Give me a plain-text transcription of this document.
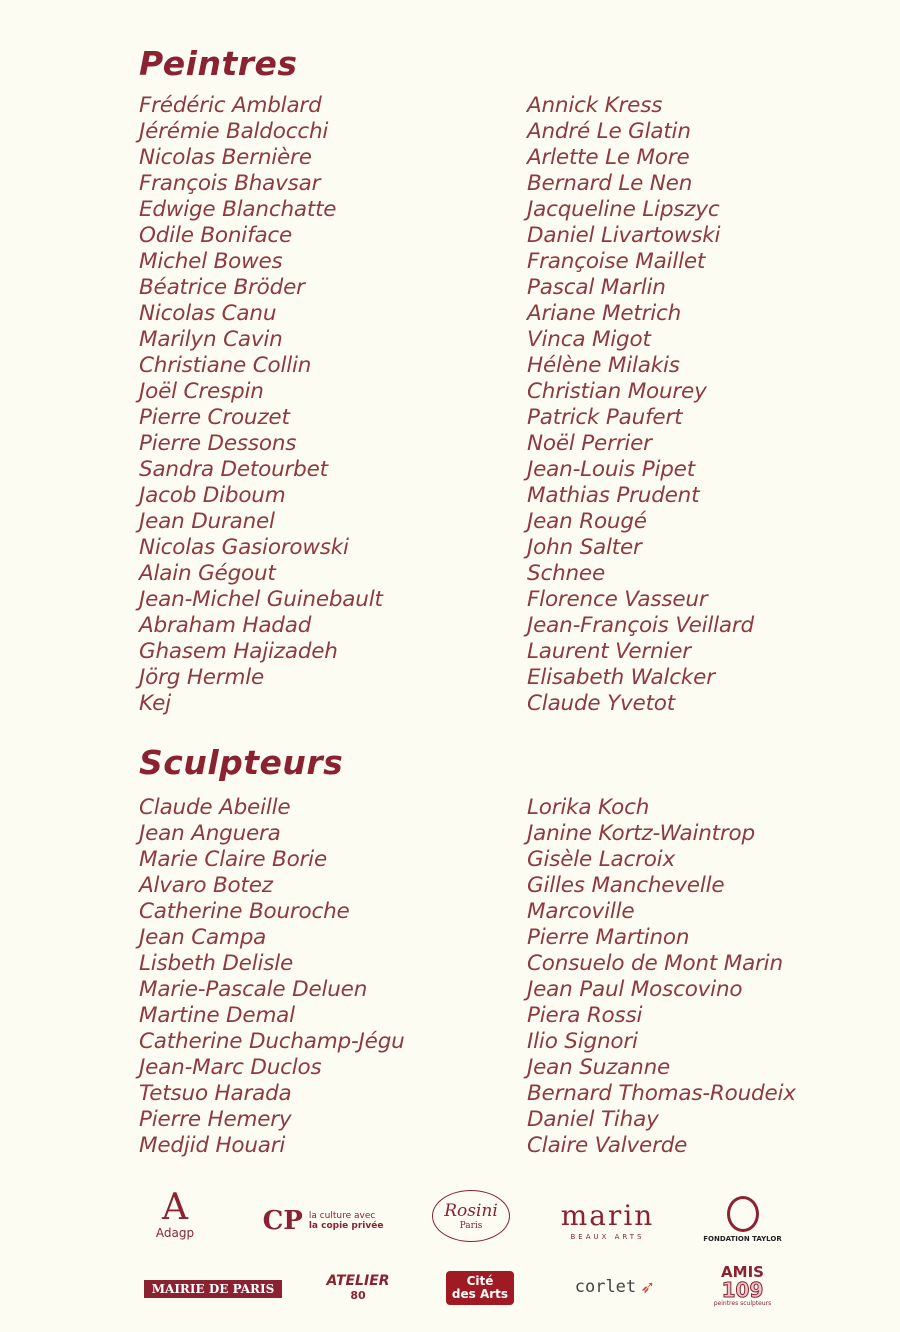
Peintres
Frédéric Amblard
Jérémie Baldocchi
Nicolas Bernière
François Bhavsar
Edwige Blanchatte
Odile Boniface
Michel Bowes
Béatrice Bröder
Nicolas Canu
Marilyn Cavin
Christiane Collin
Joël Crespin
Pierre Crouzet
Pierre Dessons
Sandra Detourbet
Jacob Diboum
Jean Duranel
Nicolas Gasiorowski
Alain Gégout
Jean-Michel Guinebault
Abraham Hadad
Ghasem Hajizadeh
Jörg Hermle
Kej
Annick Kress
André Le Glatin
Arlette Le More
Bernard Le Nen
Jacqueline Lipszyc
Daniel Livartowski
Françoise Maillet
Pascal Marlin
Ariane Metrich
Vinca Migot
Hélène Milakis
Christian Mourey
Patrick Paufert
Noël Perrier
Jean-Louis Pipet
Mathias Prudent
Jean Rougé
John Salter
Schnee
Florence Vasseur
Jean-François Veillard
Laurent Vernier
Elisabeth Walcker
Claude Yvetot
Sculpteurs
Claude Abeille
Jean Anguera
Marie Claire Borie
Alvaro Botez
Catherine Bouroche
Jean Campa
Lisbeth Delisle
Marie-Pascale Deluen
Martine Demal
Catherine Duchamp-Jégu
Jean-Marc Duclos
Tetsuo Harada
Pierre Hemery
Medjid Houari
Lorika Koch
Janine Kortz-Waintrop
Gisèle Lacroix
Gilles Manchevelle
Marcoville
Pierre Martinon
Consuelo de Mont Marin
Jean Paul Moscovino
Piera Rossi
Ilio Signori
Jean Suzanne
Bernard Thomas-Roudeix
Daniel Tihay
Claire Valverde
A
Adagp	CP la culture avec
la copie privée
Rosini
Paris	marin
BEAUX ARTS	FONDATION TAYLOR
MAIRIE DE PARIS
ATELIER
80
Cité
des Arts	corlet ➶
AMIS
109
peintres sculpteurs
